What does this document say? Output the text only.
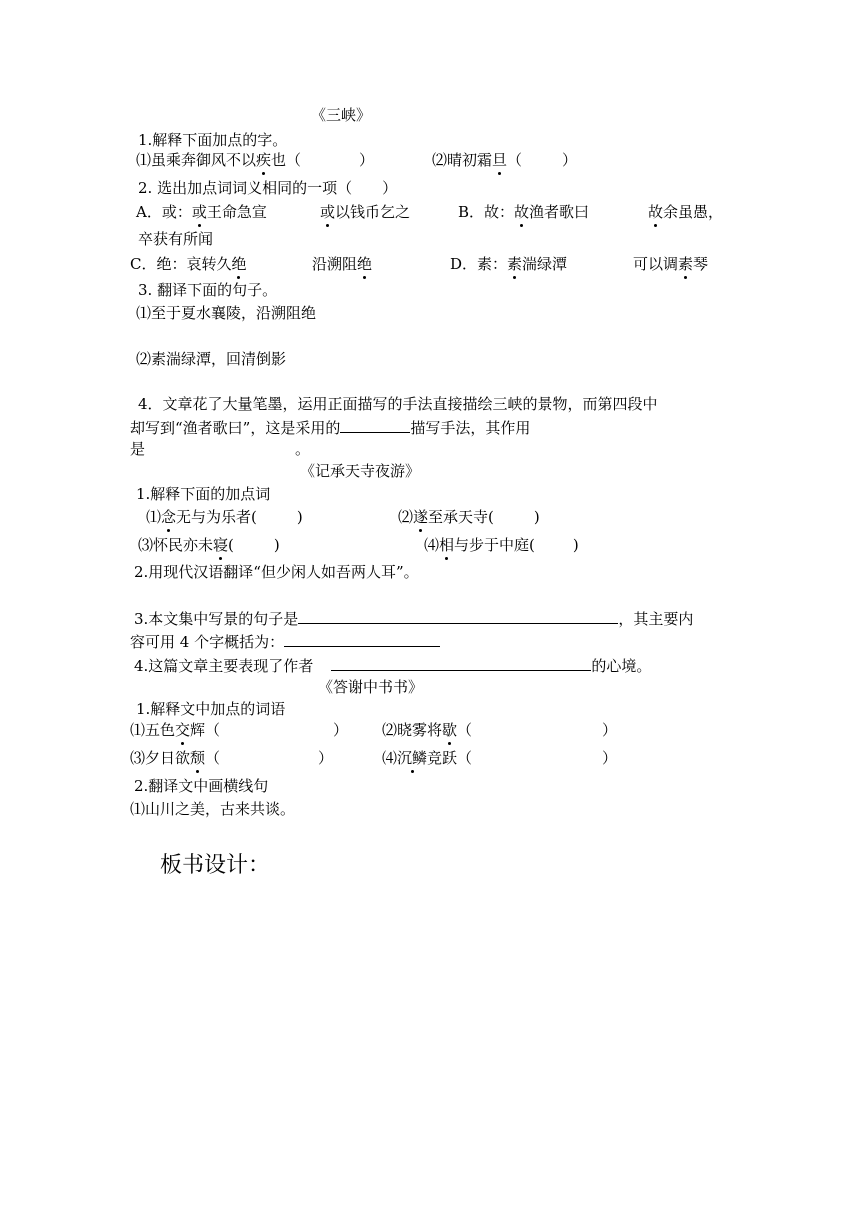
《三峡》
1.解释下面加点的字。
⑴虽乘奔御风不以疾也（	）	⑵晴初霜旦（	）
2. 选出加点词词义相同的一项（　　）
A．或：或王命急宣	或以钱币乞之	B．故：故渔者歌曰	故余虽愚，
卒获有所闻
C．绝：哀转久绝	沿溯阻绝	D．素：素湍绿潭	可以调素琴
3. 翻译下面的句子。
⑴至于夏水襄陵，沿溯阻绝
⑵素湍绿潭，回清倒影
4．文章花了大量笔墨，运用正面描写的手法直接描绘三峡的景物，而第四段中
却写到“渔者歌曰”，这是采用的	描写手法，其作用
是	。
《记承天寺夜游》
1.解释下面的加点词
⑴念无与为乐者(	)	⑵遂至承天寺(	)
⑶怀民亦未寝(	)	⑷相与步于中庭(	)
2.用现代汉语翻译“但少闲人如吾两人耳”。
3.本文集中写景的句子是	，其主要内
容可用 4 个字概括为：
4.这篇文章主要表现了作者	的心境。
《答谢中书书》
1.解释文中加点的词语
⑴五色交辉（	） ⑵晓雾将歇（	）
⑶夕日欲颓（	）	⑷沉鳞竞跃（	）
2.翻译文中画横线句
⑴山川之美，古来共谈。
板书设计：
